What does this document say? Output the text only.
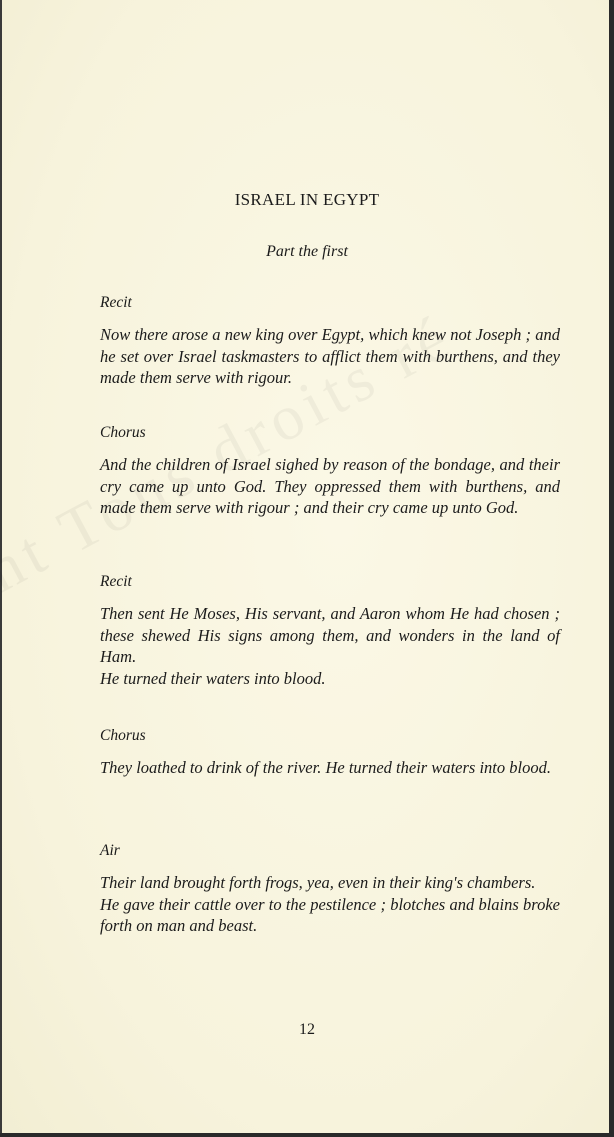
ISRAEL IN EGYPT
Part the first

Recit

Now there arose a new king over Egypt, which knew not Joseph ; and he set over Israel taskmasters to afflict them with burthens, and they made them serve with rigour.

Chorus

And the children of Israel sighed by reason of the bondage, and their cry came up unto God. They oppressed them with burthens, and made them serve with rigour ; and their cry came up unto God.

Recit

Then sent He Moses, His servant, and Aaron whom He had chosen ; these shewed His signs among them, and wonders in the land of Ham.

He turned their waters into blood.

Chorus

They loathed to drink of the river. He turned their waters into blood.

Air

Their land brought forth frogs, yea, even in their king's chambers.

He gave their cattle over to the pestilence ; blotches and blains broke forth on man and beast.

12
